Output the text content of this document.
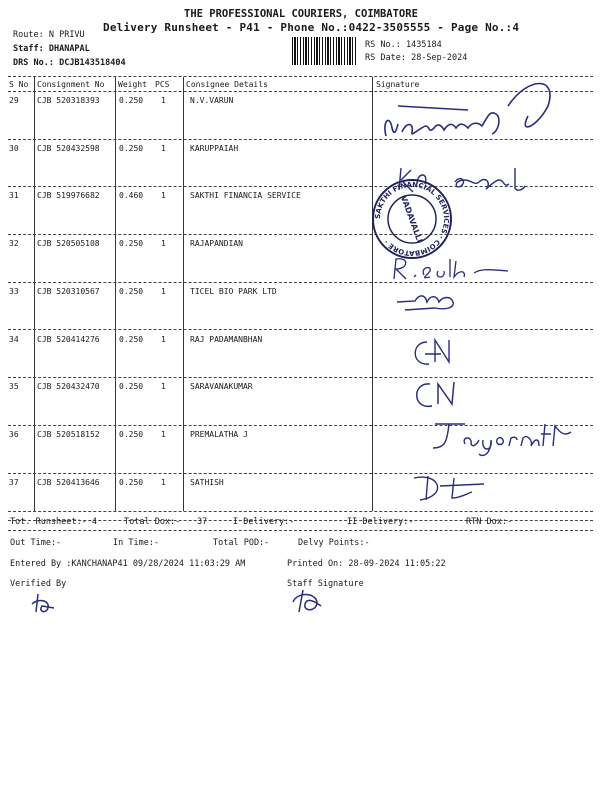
THE PROFESSIONAL COURIERS, COIMBATORE
Delivery Runsheet - P41 - Phone No.:0422-3505555 - Page No.:4
Route: N PRIVU
Staff: DHANAPAL
DRS No.: DCJB143518404
RS No.: 1435184
RS Date: 28-Sep-2024
S No Consignment No Weight PCS Consignee Details	Signature
29 CJB 520318393 0.250 1	N.V.VARUN
30 CJB 520432598 0.250 1	KARUPPAIAH
31 CJB 519976682 0.460 1	SAKTHI FINANCIA SERVICE
32 CJB 520505108 0.250 1	RAJAPANDIAN
33 CJB 520310567 0.250 1	TICEL BIO PARK LTD
34 CJB 520414276 0.250 1	RAJ PADAMANBHAN
35 CJB 520432470 0.250 1	SARAVANAKUMAR
36 CJB 520518152 0.250 1	PREMALATHA J
37 CJB 520413646 0.250 1	SATHISH
SAKTHI FINANCIAL SERVICES · COIMBATORE ·	VADAVALLI
Tot. Runsheet:- 4	Total Dox:- 37	I Delivery:-	II Delivery:-	RTN Dox:-
Out Time:-	In Time:-	Total POD:-	Delvy Points:-
Entered By :KANCHANAP41 09/28/2024 11:03:29 AM	Printed On: 28-09-2024 11:05:22
Verified By	Staff Signature
